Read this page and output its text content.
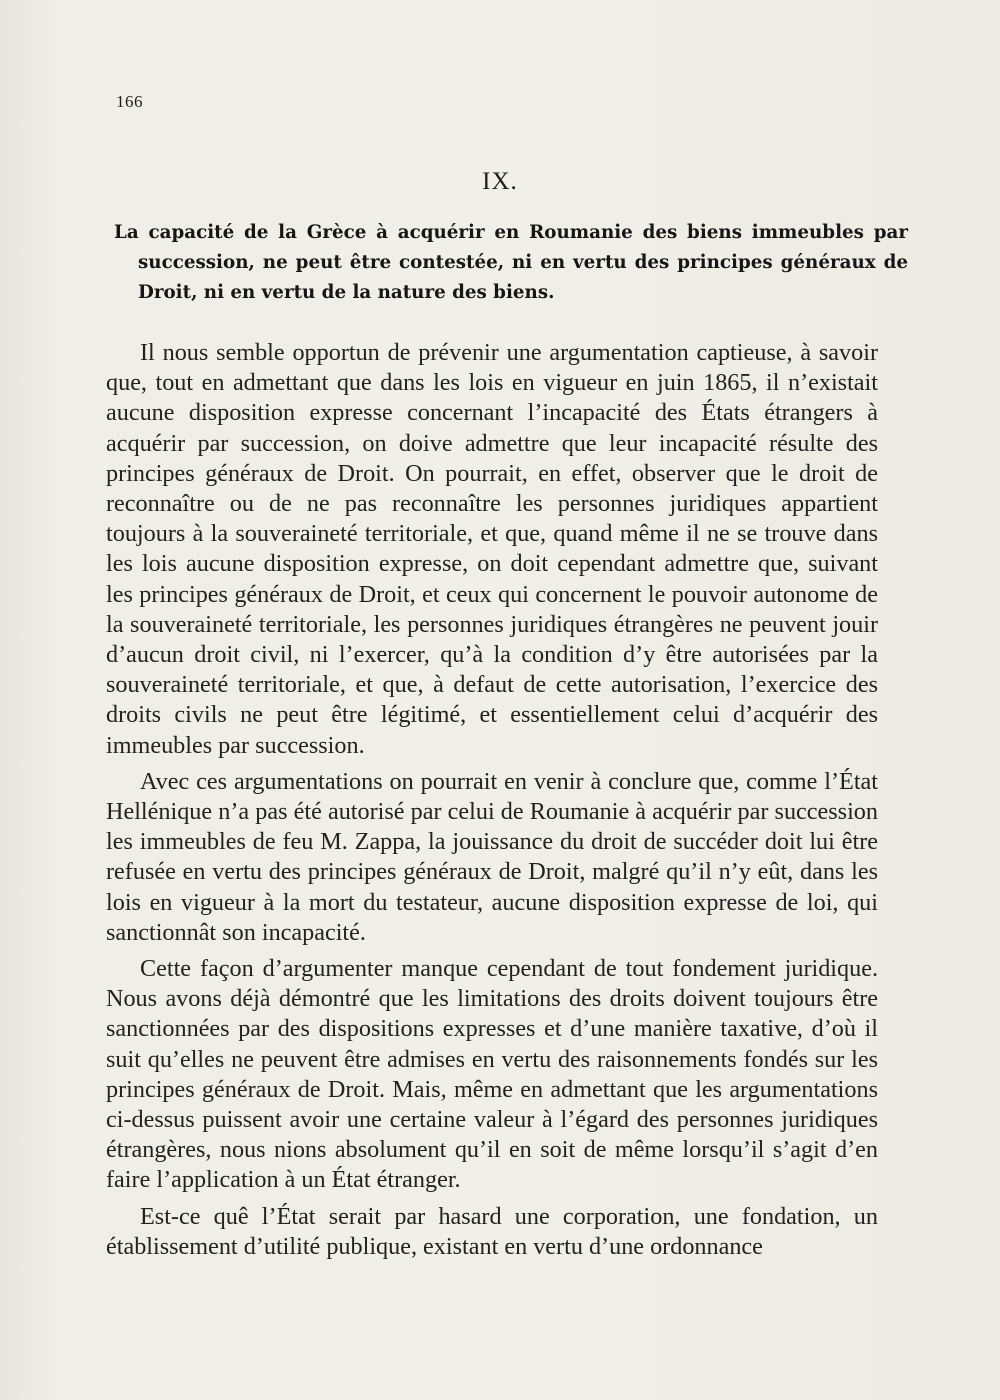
166
IX.

La capacité de la Grèce à acquérir en Roumanie des biens immeubles par succession, ne peut être contestée, ni en vertu des principes généraux de Droit, ni en vertu de la nature des biens.

Il nous semble opportun de prévenir une argumentation captieuse, à savoir que, tout en admettant que dans les lois en vigueur en juin 1865, il n’existait aucune disposition expresse concernant l’incapacité des États étrangers à acquérir par succession, on doive admettre que leur incapacité résulte des principes généraux de Droit. On pourrait, en effet, observer que le droit de reconnaître ou de ne pas reconnaître les personnes juridiques appartient toujours à la souveraineté territoriale, et que, quand même il ne se trouve dans les lois aucune disposition expresse, on doit cependant admettre que, suivant les principes généraux de Droit, et ceux qui concernent le pouvoir autonome de la souveraineté territoriale, les personnes juridiques étrangères ne peuvent jouir d’aucun droit civil, ni l’exercer, qu’à la condition d’y être autorisées par la souveraineté territoriale, et que, à defaut de cette autorisation, l’exercice des droits civils ne peut être légitimé, et essentiellement celui d’acquérir des immeubles par succession.

Avec ces argumentations on pourrait en venir à conclure que, comme l’État Hellénique n’a pas été autorisé par celui de Roumanie à acquérir par succession les immeubles de feu M. Zappa, la jouissance du droit de succéder doit lui être refusée en vertu des principes généraux de Droit, malgré qu’il n’y eût, dans les lois en vigueur à la mort du testateur, aucune disposition expresse de loi, qui sanctionnât son incapacité.

Cette façon d’argumenter manque cependant de tout fondement juridique. Nous avons déjà démontré que les limitations des droits doivent toujours être sanctionnées par des dispositions expresses et d’une manière taxative, d’où il suit qu’elles ne peuvent être admises en vertu des raisonnements fondés sur les principes généraux de Droit. Mais, même en admettant que les argumentations ci-dessus puissent avoir une certaine valeur à l’égard des personnes juridiques étrangères, nous nions absolument qu’il en soit de même lorsqu’il s’agit d’en faire l’application à un État étranger.

Est-ce quê l’État serait par hasard une corporation, une fondation, un établissement d’utilité publique, existant en vertu d’une ordonnance
